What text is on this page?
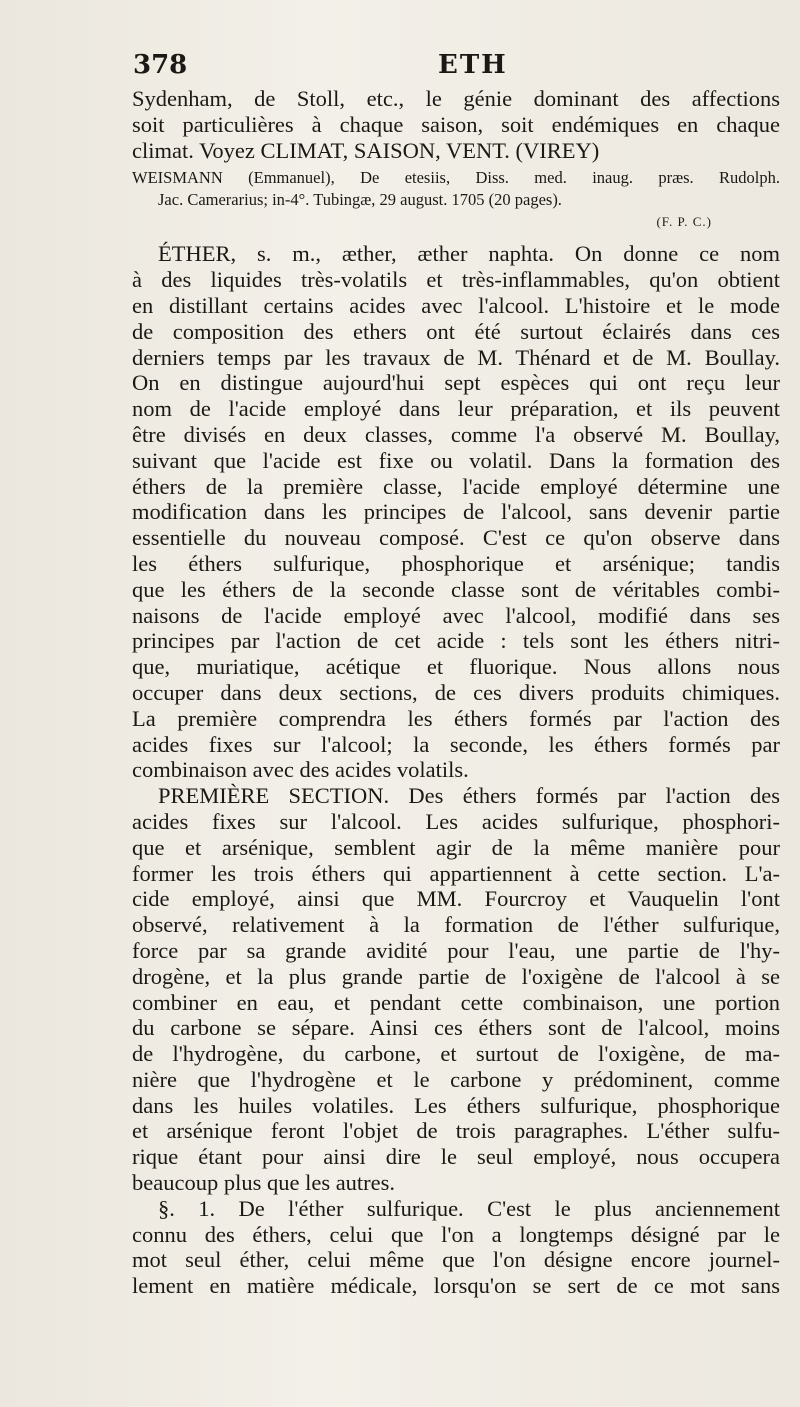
378	ETH
Sydenham, de Stoll, etc., le génie dominant des affections
soit particulières à chaque saison, soit endémiques en chaque
climat. Voyez CLIMAT, SAISON, VENT. (VIREY)
WEISMANN (Emmanuel), De etesiis, Diss. med. inaug. præs. Rudolph.
Jac. Camerarius; in-4°. Tubingæ, 29 august. 1705 (20 pages).
(F. P. C.)
ÉTHER, s. m., æther, æther naphta. On donne ce nom
à des liquides très-volatils et très-inflammables, qu'on obtient
en distillant certains acides avec l'alcool. L'histoire et le mode
de composition des ethers ont été surtout éclairés dans ces
derniers temps par les travaux de M. Thénard et de M. Boullay.
On en distingue aujourd'hui sept espèces qui ont reçu leur
nom de l'acide employé dans leur préparation, et ils peuvent
être divisés en deux classes, comme l'a observé M. Boullay,
suivant que l'acide est fixe ou volatil. Dans la formation des
éthers de la première classe, l'acide employé détermine une
modification dans les principes de l'alcool, sans devenir partie
essentielle du nouveau composé. C'est ce qu'on observe dans
les éthers sulfurique, phosphorique et arsénique; tandis
que les éthers de la seconde classe sont de véritables combi-
naisons de l'acide employé avec l'alcool, modifié dans ses
principes par l'action de cet acide : tels sont les éthers nitri-
que, muriatique, acétique et fluorique. Nous allons nous
occuper dans deux sections, de ces divers produits chimiques.
La première comprendra les éthers formés par l'action des
acides fixes sur l'alcool; la seconde, les éthers formés par
combinaison avec des acides volatils.
PREMIÈRE SECTION. Des éthers formés par l'action des
acides fixes sur l'alcool. Les acides sulfurique, phosphori-
que et arsénique, semblent agir de la même manière pour
former les trois éthers qui appartiennent à cette section. L'a-
cide employé, ainsi que MM. Fourcroy et Vauquelin l'ont
observé, relativement à la formation de l'éther sulfurique,
force par sa grande avidité pour l'eau, une partie de l'hy-
drogène, et la plus grande partie de l'oxigène de l'alcool à se
combiner en eau, et pendant cette combinaison, une portion
du carbone se sépare. Ainsi ces éthers sont de l'alcool, moins
de l'hydrogène, du carbone, et surtout de l'oxigène, de ma-
nière que l'hydrogène et le carbone y prédominent, comme
dans les huiles volatiles. Les éthers sulfurique, phosphorique
et arsénique feront l'objet de trois paragraphes. L'éther sulfu-
rique étant pour ainsi dire le seul employé, nous occupera
beaucoup plus que les autres.
§. 1. De l'éther sulfurique. C'est le plus anciennement
connu des éthers, celui que l'on a longtemps désigné par le
mot seul éther, celui même que l'on désigne encore journel-
lement en matière médicale, lorsqu'on se sert de ce mot sans
